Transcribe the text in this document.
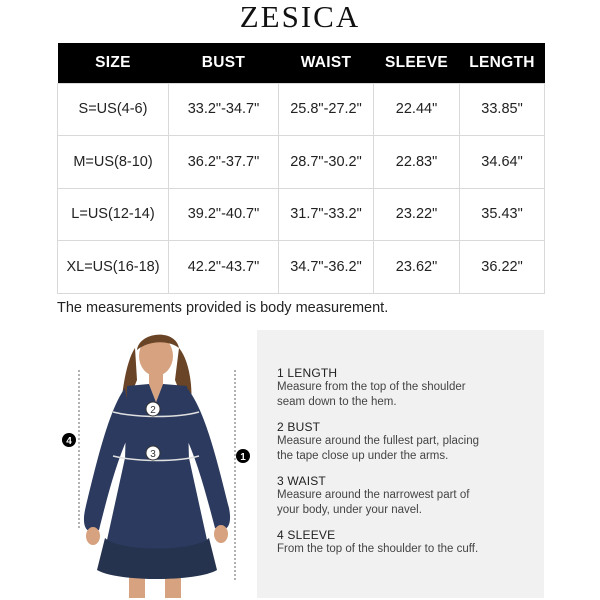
ZESICA
SIZE	BUST	WAIST	SLEEVE	LENGTH
S=US(4-6)	33.2"-34.7"	25.8"-27.2"	22.44"	33.85"
M=US(8-10)	36.2"-37.7"	28.7"-30.2"	22.83"	34.64"
L=US(12-14)	39.2"-40.7"	31.7"-33.2"	23.22"	35.43"
XL=US(16-18)	42.2"-43.7"	34.7"-36.2"	23.62"	36.22"
The measurements provided is body measurement.
2
3
4
1
1 LENGTH
Measure from the top of the shoulder
seam down to the hem.
2 BUST
Measure around the fullest part, placing
the tape close up under the arms.
3 WAIST
Measure around the narrowest part of
your body, under your navel.
4 SLEEVE
From the top of the shoulder to the cuff.
